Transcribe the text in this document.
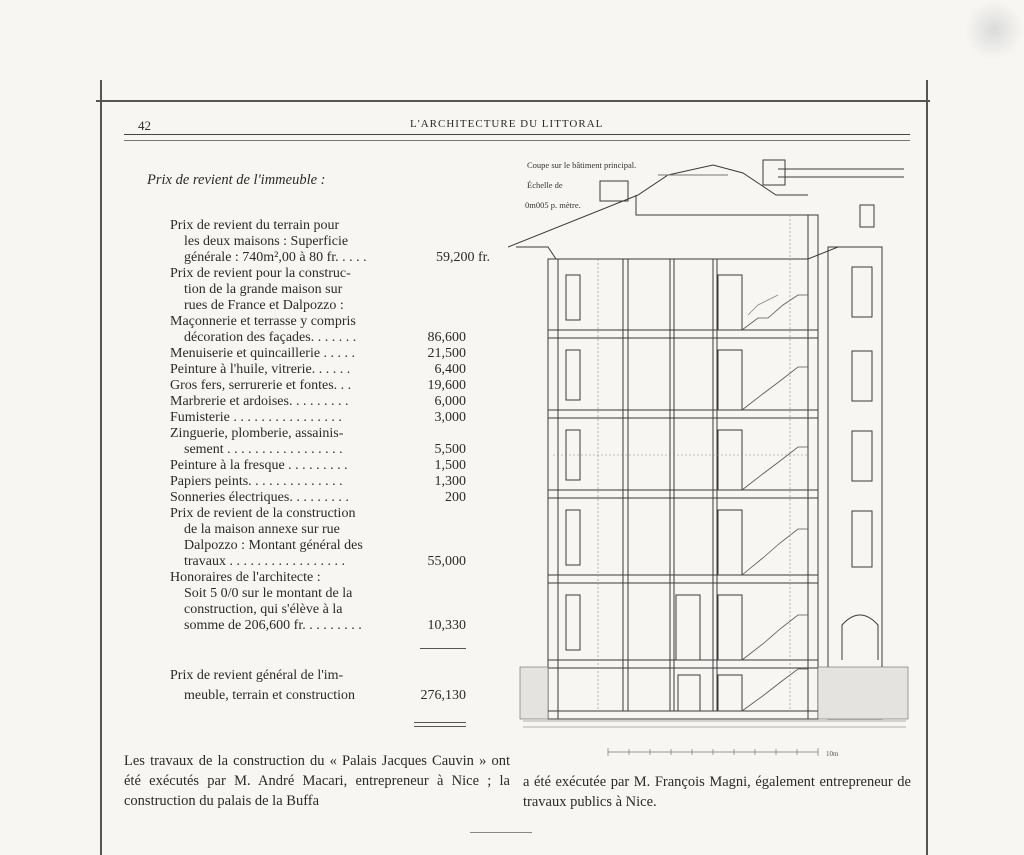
42	L'ARCHITECTURE DU LITTORAL
Prix de revient de l'immeuble :
Prix de revient du terrain pour
les deux maisons : Superficie
générale : 740m²,00 à 80 fr. . . . .	59,200 fr.
Prix de revient pour la construc-
tion de la grande maison sur
rues de France et Dalpozzo :
Maçonnerie et terrasse y compris
décoration des façades. . . . . . .	86,600
Menuiserie et quincaillerie . . . . .	21,500
Peinture à l'huile, vitrerie. . . . . .	6,400
Gros fers, serrurerie et fontes. . .	19,600
Marbrerie et ardoises. . . . . . . . .	6,000
Fumisterie . . . . . . . . . . . . . . . .	3,000
Zinguerie, plomberie, assainis-
sement . . . . . . . . . . . . . . . . .	5,500
Peinture à la fresque . . . . . . . . .	1,500
Papiers peints. . . . . . . . . . . . . .	1,300
Sonneries électriques. . . . . . . . .	200
Prix de revient de la construction
de la maison annexe sur rue
Dalpozzo : Montant général des
travaux . . . . . . . . . . . . . . . . .	55,000
Honoraires de l'architecte :
Soit 5 0/0 sur le montant de la
construction, qui s'élève à la
somme de 206,600 fr. . . . . . . . .	10,330
Prix de revient général de l'im-
meuble, terrain et construction	276,130
10m
Coupe sur le bâtiment principal.
Échelle de
0m005 p. mètre.
Les travaux de la construction du « Palais Jacques Cauvin » ont été exécutés par M. André Macari, entrepreneur à Nice ; la construction du palais de la Buffa
a été exécutée par M. François Magni, également entrepreneur de travaux publics à Nice.
